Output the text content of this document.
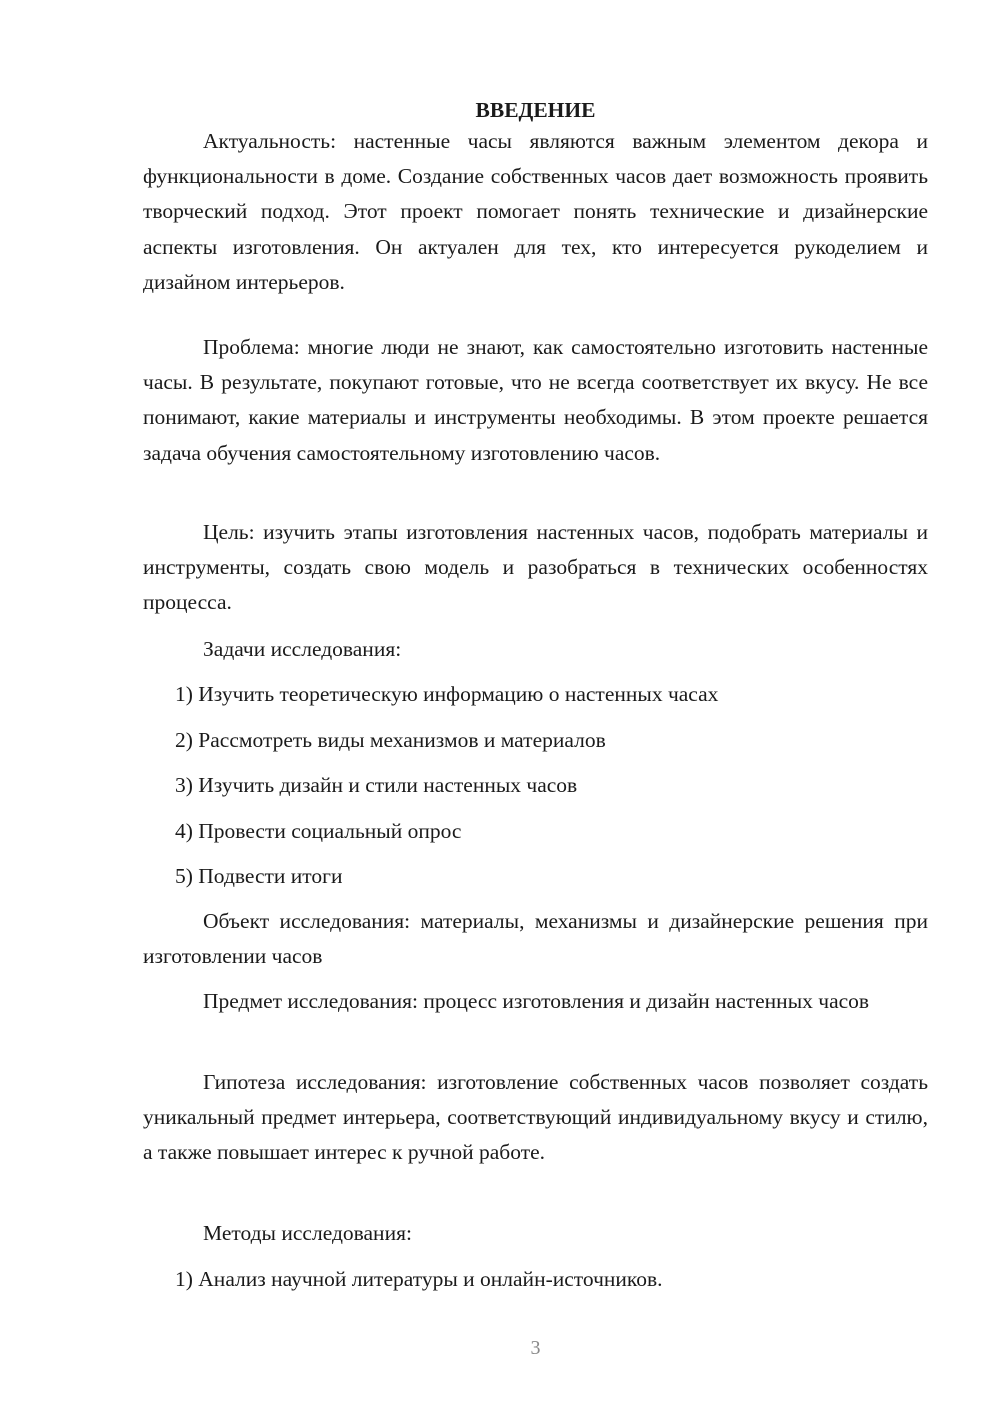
ВВЕДЕНИЕ

Актуальность: настенные часы являются важным элементом декора и функциональности в доме. Создание собственных часов дает возможность проявить творческий подход. Этот проект помогает понять технические и дизайнерские аспекты изготовления. Он актуален для тех, кто интересуется рукоделием и дизайном интерьеров.

Проблема: многие люди не знают, как самостоятельно изготовить настенные часы. В результате, покупают готовые, что не всегда соответствует их вкусу. Не все понимают, какие материалы и инструменты необходимы. В этом проекте решается задача обучения самостоятельному изготовлению часов.

Цель: изучить этапы изготовления настенных часов, подобрать материалы и инструменты, создать свою модель и разобраться в технических особенностях процесса.

Задачи исследования:
1) Изучить теоретическую информацию о настенных часах
2) Рассмотреть виды механизмов и материалов
3) Изучить дизайн и стили настенных часов
4) Провести социальный опрос
5) Подвести итоги

Объект исследования: материалы, механизмы и дизайнерские решения при изготовлении часов

Предмет исследования: процесс изготовления и дизайн настенных часов

Гипотеза исследования: изготовление собственных часов позволяет создать уникальный предмет интерьера, соответствующий индивидуальному вкусу и стилю, а также повышает интерес к ручной работе.

Методы исследования:
1) Анализ научной литературы и онлайн-источников.
3
